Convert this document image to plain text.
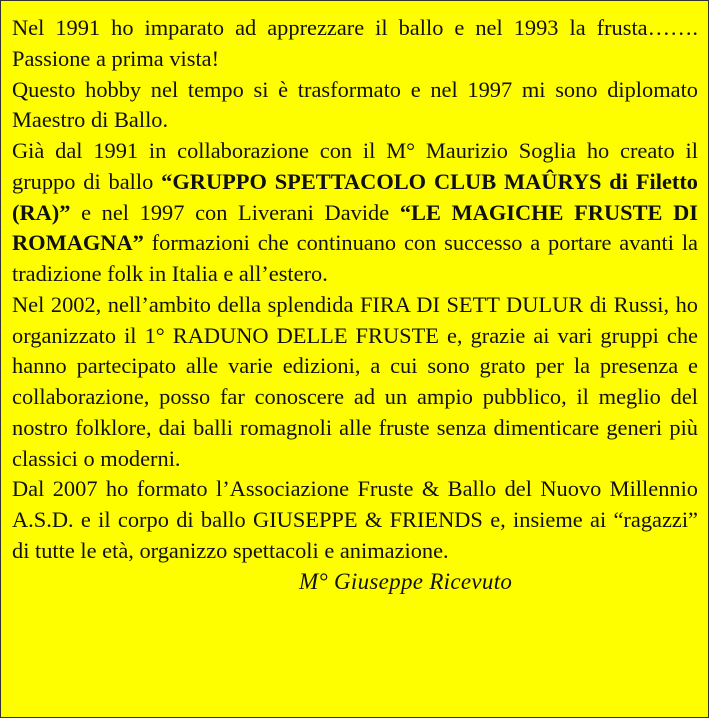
Nel 1991 ho imparato ad apprezzare il ballo e nel 1993 la frusta……. Passione a prima vista!

Questo hobby nel tempo si è trasformato e nel 1997 mi sono diplomato Maestro di Ballo.

Già dal 1991 in collaborazione con il M° Maurizio Soglia ho creato il gruppo di ballo “GRUPPO SPETTACOLO CLUB MAÛRYS di Filetto (RA)” e nel 1997 con Liverani Davide “LE MAGICHE FRUSTE DI ROMAGNA” formazioni che continuano con successo a portare avanti la tradizione folk in Italia e all’estero.

Nel 2002, nell’ambito della splendida FIRA DI SETT DULUR di Russi, ho organizzato il 1° RADUNO DELLE FRUSTE e, grazie ai vari gruppi che hanno partecipato alle varie edizioni, a cui sono grato per la presenza e collaborazione, posso far conoscere ad un ampio pubblico, il meglio del nostro folklore, dai balli romagnoli alle fruste senza dimenticare generi più classici o moderni.

Dal 2007 ho formato l’Associazione Fruste & Ballo del Nuovo Millennio A.S.D. e il corpo di ballo GIUSEPPE & FRIENDS e, insieme ai “ragazzi” di tutte le età, organizzo spettacoli e animazione.

M° Giuseppe Ricevuto
